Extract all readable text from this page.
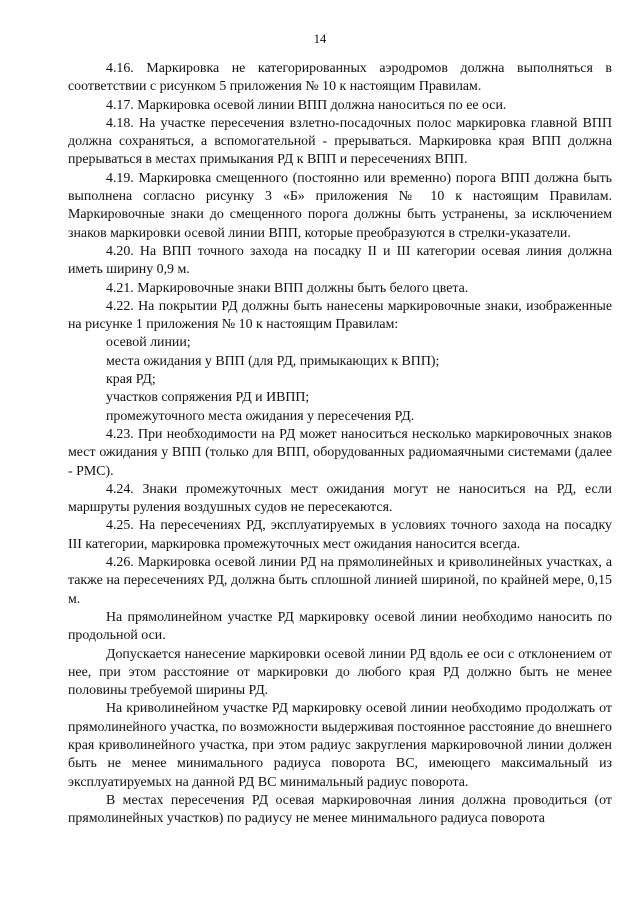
14

4.16. Маркировка не категорированных аэродромов должна выполняться в соответствии с рисунком 5 приложения № 10 к настоящим Правилам.

4.17. Маркировка осевой линии ВПП должна наноситься по ее оси.

4.18. На участке пересечения взлетно-посадочных полос маркировка главной ВПП должна сохраняться, а вспомогательной - прерываться. Маркировка края ВПП должна прерываться в местах примыкания РД к ВПП и пересечениях ВПП.

4.19. Маркировка смещенного (постоянно или временно) порога ВПП должна быть выполнена согласно рисунку 3 «Б» приложения № 10 к настоящим Правилам. Маркировочные знаки до смещенного порога должны быть устранены, за исключением знаков маркировки осевой линии ВПП, которые преобразуются в стрелки-указатели.

4.20. На ВПП точного захода на посадку II и III категории осевая линия должна иметь ширину 0,9 м.

4.21. Маркировочные знаки ВПП должны быть белого цвета.

4.22. На покрытии РД должны быть нанесены маркировочные знаки, изображенные на рисунке 1 приложения № 10 к настоящим Правилам:

осевой линии;

места ожидания у ВПП (для РД, примыкающих к ВПП);

края РД;

участков сопряжения РД и ИВПП;

промежуточного места ожидания у пересечения РД.

4.23. При необходимости на РД может наноситься несколько маркировочных знаков мест ожидания у ВПП (только для ВПП, оборудованных радиомаячными системами (далее - РМС).

4.24. Знаки промежуточных мест ожидания могут не наноситься на РД, если маршруты руления воздушных судов не пересекаются.

4.25. На пересечениях РД, эксплуатируемых в условиях точного захода на посадку III категории, маркировка промежуточных мест ожидания наносится всегда.

4.26. Маркировка осевой линии РД на прямолинейных и криволинейных участках, а также на пересечениях РД, должна быть сплошной линией шириной, по крайней мере, 0,15 м.

На прямолинейном участке РД маркировку осевой линии необходимо наносить по продольной оси.

Допускается нанесение маркировки осевой линии РД вдоль ее оси с отклонением от нее, при этом расстояние от маркировки до любого края РД должно быть не менее половины требуемой ширины РД.

На криволинейном участке РД маркировку осевой линии необходимо продолжать от прямолинейного участка, по возможности выдерживая постоянное расстояние до внешнего края криволинейного участка, при этом радиус закругления маркировочной линии должен быть не менее минимального радиуса поворота ВС, имеющего максимальный из эксплуатируемых на данной РД ВС минимальный радиус поворота.

В местах пересечения РД осевая маркировочная линия должна проводиться (от прямолинейных участков) по радиусу не менее минимального радиуса поворота
